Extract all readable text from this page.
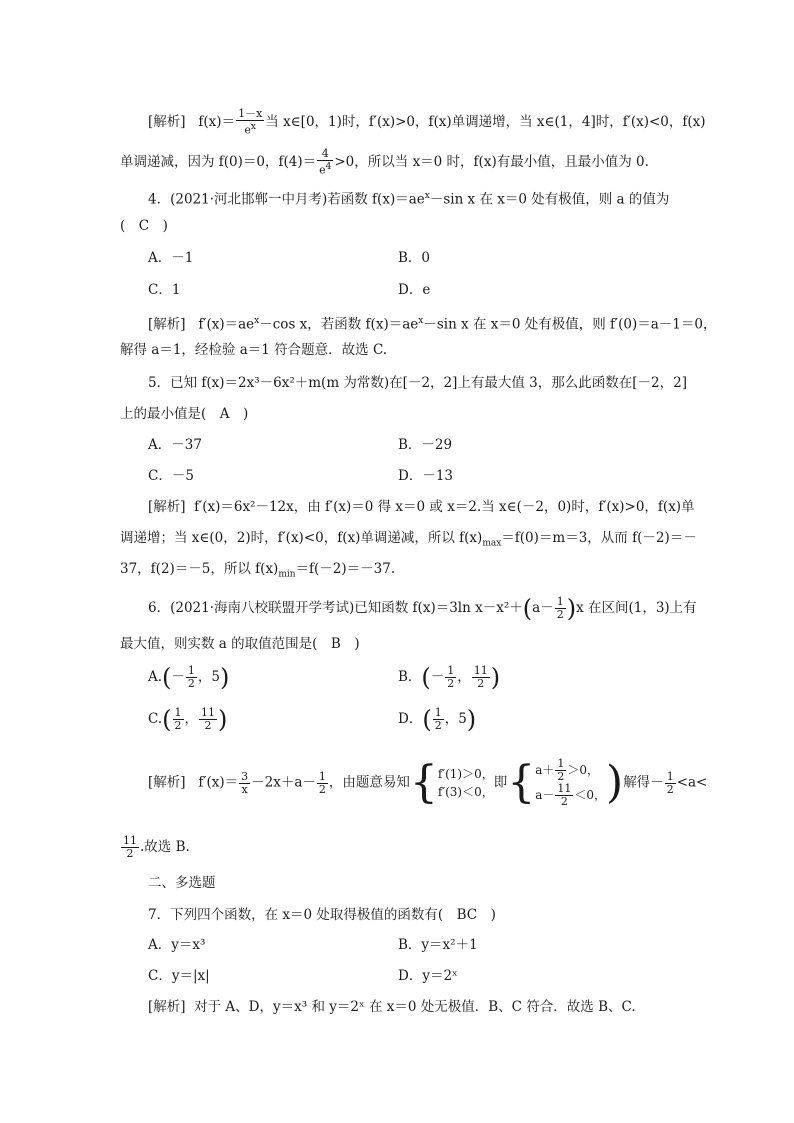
[解析] $f(x)= \frac{1-x}{e^x}$ 当 x∈[0，1)时，f′(x)>0，f(x)单调递增，当 x∈(1，4]时，f′(x)<0，f(x)
单调递减，因为 f(0)＝0，$f(4)= \frac{4}{e^4} >0$，所以当 x＝0 时，f(x)有最小值，且最小值为 0.
4．(2021·河北邯郸一中月考)若函数 $f(x)=ae^x-\sin$ x 在 x＝0 处有极值，则 a 的值为
(　C　)
A．－1	B．0
C．1	D．e
[解析] $f'(x)=ae^x-\cos$ x，若函数 $f(x)=ae^x-\sin$ x 在 x＝0 处有极值，则 f′(0)＝a－1＝0，
解得 a＝1，经检验 a＝1 符合题意．故选 C.
5．已知 f(x)＝2x³－6x²＋m(m 为常数)在[－2，2]上有最大值 3，那么此函数在[－2，2]
上的最小值是(　A　)
A．－37	B．－29
C．－5	D．－13
[解析] f′(x)＝6x²－12x，由 f′(x)＝0 得 x＝0 或 x＝2.当 x∈(－2，0)时，f′(x)>0，f(x)单
调递增；当 x∈(0，2)时，f′(x)<0，f(x)单调递减，所以 $f(x)_{max}=f(0)=m=3$，从而 f(－2)＝－
37，f(2)＝－5，所以 $f(x)_{min}=f(-2)=-37$.
6．(2021·海南八校联盟开学考试)已知函数 f(x)＝3ln $x-x^2+(a- \frac{1}{2} )x$ 在区间(1，3)上有
最大值，则实数 a 的取值范围是(　B　)
$A.(- \frac{1}{2}$ ，5)	B．(－ $\frac{1}{2}$ ， $\frac{11}{2}$ )
$C.( \frac{1}{2}$ ， $\frac{11}{2}$ )	D．( $\frac{1}{2}$ ，5)
[解析] $f'(x)= \frac{3}{x} -2x+a- \frac{1}{2}$ ，由题意易知{f′(1)＞0，
f′(3)＜0，即{$a+ \frac{1}{2} >0$，
$a- \frac{11}{2} <0$，)解得－ $\frac{1}{2} <a<$
$\frac{11}{2}$ .故选 B.
二、多选题
7．下列四个函数，在 x＝0 处取得极值的函数有(　BC　)
A．y＝x³	B．y＝x²＋1
C．y＝|x|	D．y＝2ˣ
[解析] 对于 A、D，y＝x³ 和 y＝2ˣ 在 x＝0 处无极值．B、C 符合．故选 B、C.
